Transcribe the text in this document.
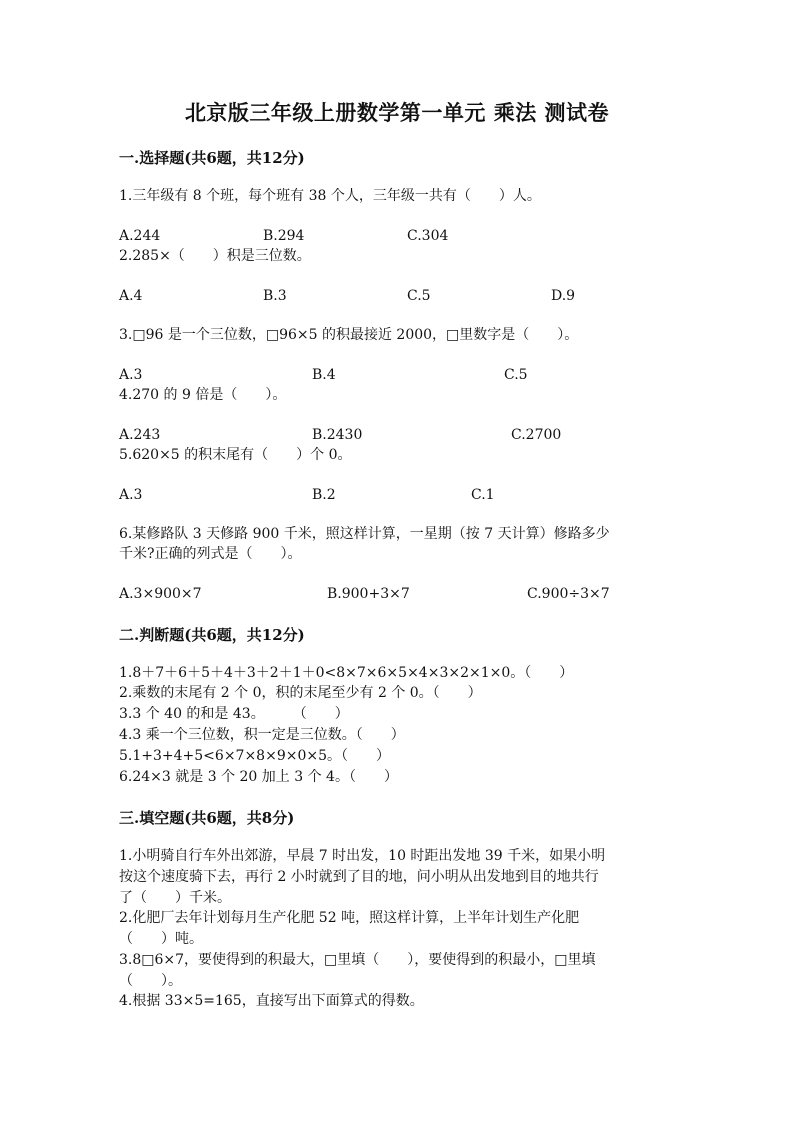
北京版三年级上册数学第一单元 乘法 测试卷
一.选择题(共6题，共12分)
1.三年级有 8 个班，每个班有 38 个人，三年级一共有（　　）人。
A.244	B.294	C.304
2.285×（　　）积是三位数。
A.4	B.3	C.5	D.9
3.□96 是一个三位数，□96×5 的积最接近 2000，□里数字是（　　）。
A.3	B.4	C.5
4.270 的 9 倍是（　　）。
A.243	B.2430	C.2700
5.620×5 的积末尾有（　　）个 0。
A.3	B.2	C.1
6.某修路队 3 天修路 900 千米，照这样计算，一星期（按 7 天计算）修路多少
千米?正确的列式是（　　）。
A.3×900×7	B.900+3×7	C.900÷3×7
二.判断题(共6题，共12分)
1.8＋7＋6＋5＋4＋3＋2＋1＋0<8×7×6×5×4×3×2×1×0。（　　）
2.乘数的末尾有 2 个 0，积的末尾至少有 2 个 0。（　　）
3.3 个 40 的和是 43。　　　（　　）
4.3 乘一个三位数，积一定是三位数。（　　）
5.1+3+4+5<6×7×8×9×0×5。（　　）
6.24×3 就是 3 个 20 加上 3 个 4。（　　）
三.填空题(共6题，共8分)
1.小明骑自行车外出郊游，早晨 7 时出发，10 时距出发地 39 千米，如果小明
按这个速度骑下去，再行 2 小时就到了目的地，问小明从出发地到目的地共行
了（　　）千米。
2.化肥厂去年计划每月生产化肥 52 吨，照这样计算，上半年计划生产化肥
（　　）吨。
3.8□6×7，要使得到的积最大，□里填（　　），要使得到的积最小，□里填
（　　）。
4.根据 33×5=165，直接写出下面算式的得数。
